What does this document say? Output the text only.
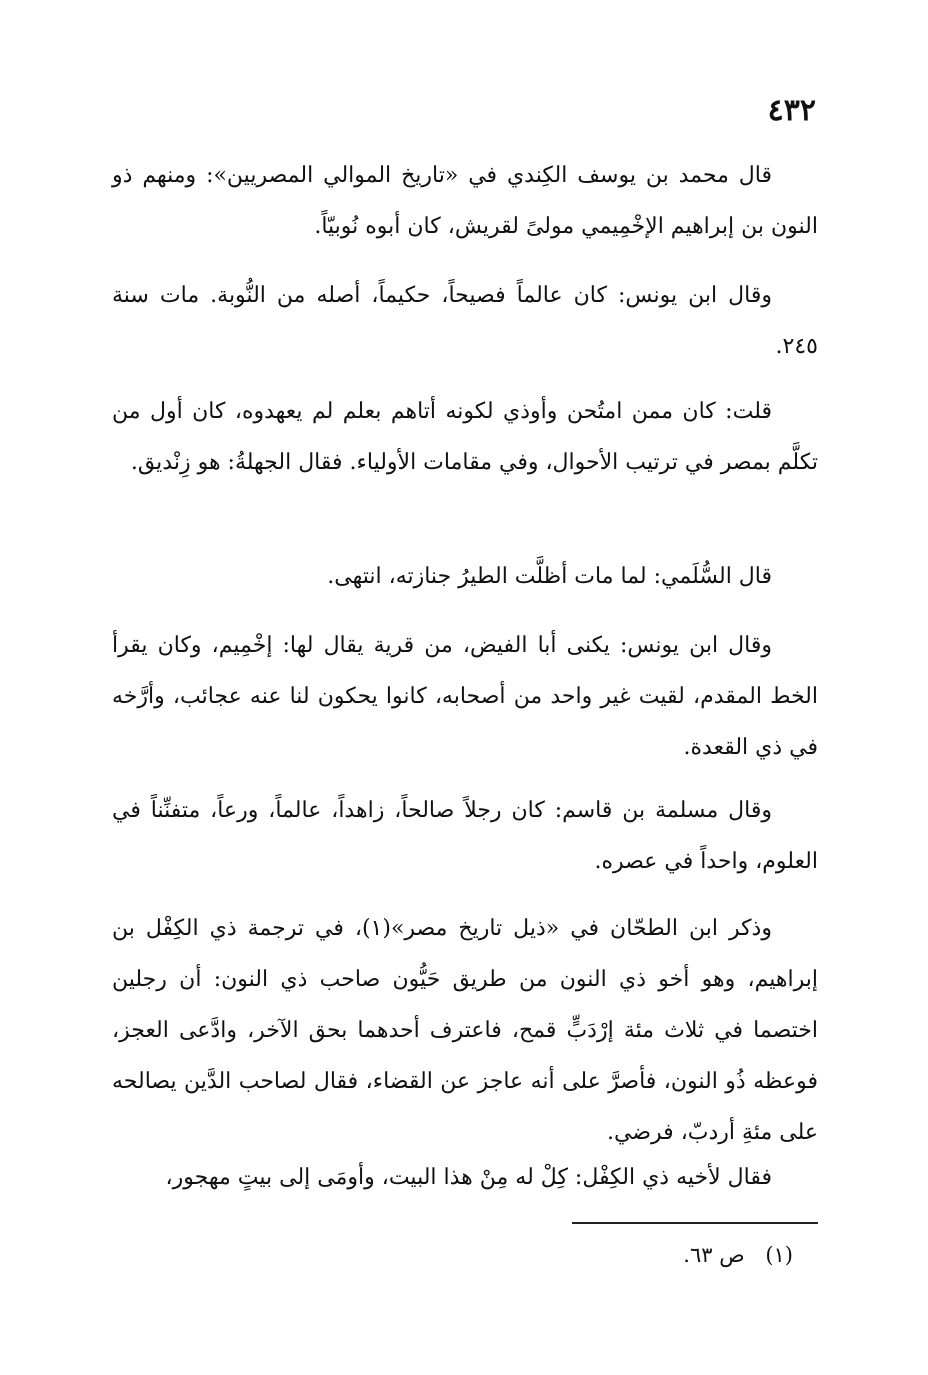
٤٣٢

قال محمد بن يوسف الكِندي في «تاريخ الموالي المصريين»: ومنهم ذو النون بن إبراهيم الإخْمِيمي مولىً لقريش، كان أبوه نُوبيّاً.

وقال ابن يونس: كان عالماً فصيحاً، حكيماً، أصله من النُّوبة. مات سنة ٢٤٥.

قلت: كان ممن امتُحن وأوذي لكونه أتاهم بعلم لم يعهدوه، كان أول من تكلَّم بمصر في ترتيب الأحوال، وفي مقامات الأولياء. فقال الجهلةُ: هو زِنْديق.

قال السُّلَمي: لما مات أظلَّت الطيرُ جنازته، انتهى.

وقال ابن يونس: يكنى أبا الفيض، من قرية يقال لها: إخْمِيم، وكان يقرأ الخط المقدم، لقيت غير واحد من أصحابه، كانوا يحكون لنا عنه عجائب، وأرَّخه في ذي القعدة.

وقال مسلمة بن قاسم: كان رجلاً صالحاً، زاهداً، عالماً، ورعاً، متفنِّناً في العلوم، واحداً في عصره.

وذكر ابن الطحّان في «ذيل تاريخ مصر»(١)، في ترجمة ذي الكِفْل بن إبراهيم، وهو أخو ذي النون من طريق حَيُّون صاحب ذي النون: أن رجلين اختصما في ثلاث مئة إرْدَبٍّ قمح، فاعترف أحدهما بحق الآخر، وادَّعى العجز، فوعظه ذُو النون، فأصرَّ على أنه عاجز عن القضاء، فقال لصاحب الدَّين يصالحه على مئةِ أردبّ، فرضي.

فقال لأخيه ذي الكِفْل: كِلْ له مِنْ هذا البيت، وأومَى إلى بيتٍ مهجور،

(١) ص ٦٣.
